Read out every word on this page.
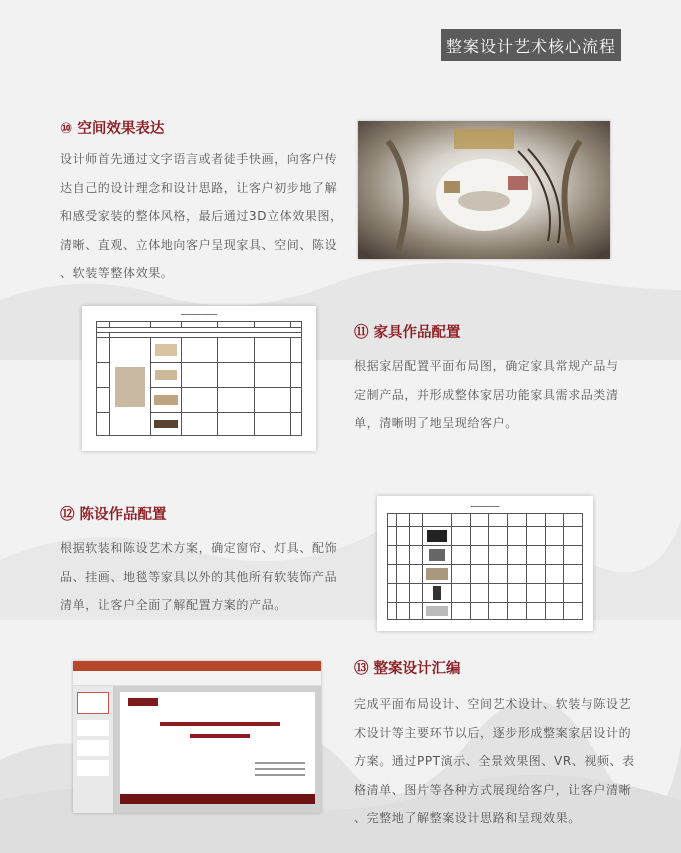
整案设计艺术核心流程
⑩ 空间效果表达
设计师首先通过文字语言或者徒手快画，向客户传
达自己的设计理念和设计思路，让客户初步地了解
和感受家装的整体风格，最后通过3D立体效果图，
清晰、直观、立体地向客户呈现家具、空间、陈设
、软装等整体效果。
━━━━━━━━━━━━━━━

⑪ 家具作品配置
根据家居配置平面布局图，确定家具常规产品与
定制产品，并形成整体家居功能家具需求品类清
单，清晰明了地呈现给客户。
⑫ 陈设作品配置
根据软装和陈设艺术方案，确定窗帘、灯具、配饰
品、挂画、地毯等家具以外的其他所有软装饰产品
清单，让客户全面了解配置方案的产品。
━━━━━━━━━━━━

⑬ 整案设计汇编
完成平面布局设计、空间艺术设计、软装与陈设艺
术设计等主要环节以后，逐步形成整案家居设计的
方案。通过PPT演示、全景效果图、VR、视频、表
格清单、图片等各种方式展现给客户，让客户清晰
、完整地了解整案设计思路和呈现效果。
